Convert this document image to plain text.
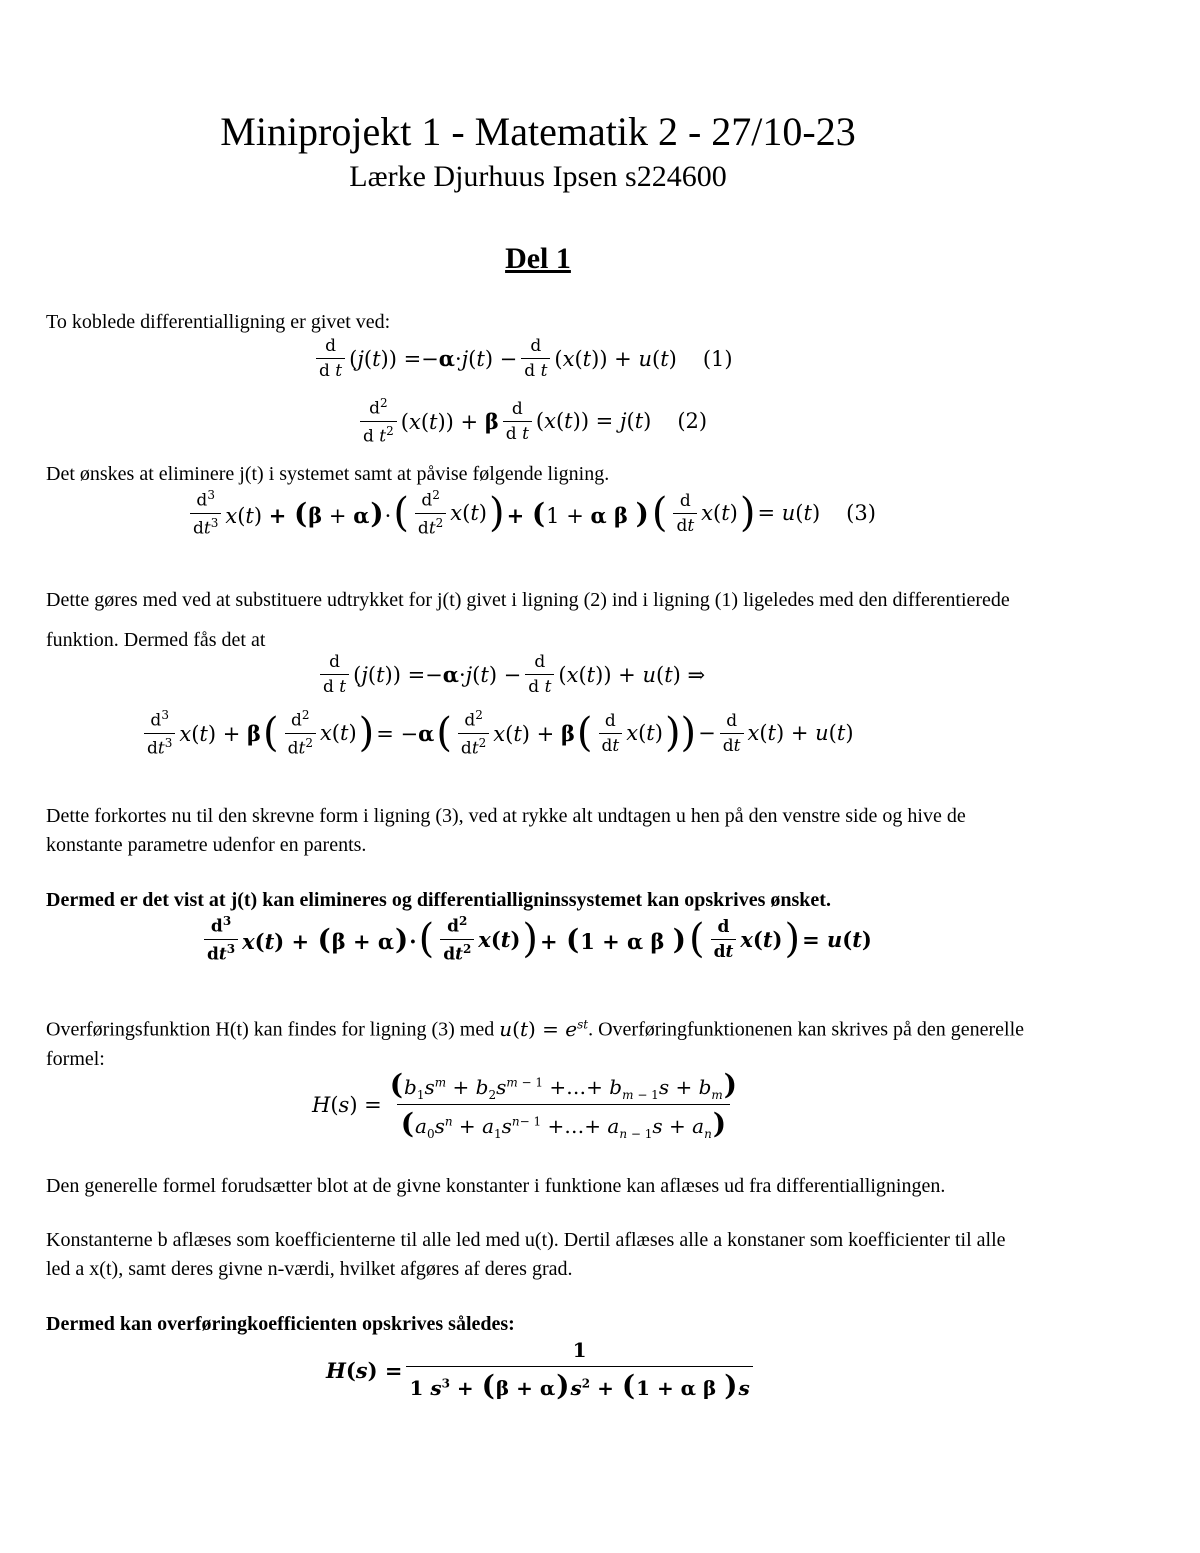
Miniprojekt 1 - Matematik 2 - 27/10-23
Lærke Djurhuus Ipsen s224600
Del 1
To koblede differentialligning er givet ved:
$\frac{d}{\text{d t}} (j(t)) =-\alpha\cdot j(t) - \frac{d}{\text{d t}} (x(t)) + u(t)$ (1)
$\frac{d^2}{d t^2} (x(t)) + \beta \frac{d}{\text{d t}} (x(t)) = j(t)$ (2)
Det ønskes at eliminere j(t) i systemet samt at påvise følgende ligning.
$\frac{d^3}{dt^3} x(t) + (\beta + \alpha)\cdot$ ( $\frac{d^2}{dt^2} x(t)$ ) + (1 + α β ) ( $\frac{d}{dt} x(t)$ ) = u(t) (3)
Dette gøres med ved at substituere udtrykket for j(t) givet i ligning (2) ind i ligning (1) ligeledes med den differentierede funktion. Dermed fås det at
$\frac{d}{\text{d t}} (j(t)) =-\alpha\cdot j(t) - \frac{d}{\text{d t}} (x(t)) + u(t)$ ⇒
$\frac{d^3}{dt^3} x(t) + \beta$ ( $\frac{d^2}{dt^2} x(t)$ ) = −α ( $\frac{d^2}{dt^2} x(t) + \beta$ ( $\frac{d}{dt} x(t)$ )) − $\frac{d}{dt} x(t) + u(t)$
Dette forkortes nu til den skrevne form i ligning (3), ved at rykke alt undtagen u hen på den venstre side og hive de konstante parametre udenfor en parents.
Dermed er det vist at j(t) kan elimineres og differentialligninssystemet kan opskrives ønsket.
$\frac{d^3}{dt^3} x(t) + (\beta + \alpha)\cdot$ ( $\frac{d^2}{dt^2} x(t)$ ) + (1 + α β ) ( $\frac{d}{dt} x(t)$ ) = u(t)
Overføringsfunktion H(t) kan findes for ligning (3) med $u(t) = e^{st}$. Overføringfunktionenen kan skrives på den generelle formel:
$H(s) = \frac{(b_1s^m + b_2s^{m - 1} +\dots+ b_{m - 1}s + b_m)}{(a_0s^n + a_1s^{n- 1} +\dots+ a_{n - 1}s + a_n)}$
Den generelle formel forudsætter blot at de givne konstanter i funktione kan aflæses ud fra differentialligningen.
Konstanterne b aflæses som koefficienterne til alle led med u(t). Dertil aflæses alle a konstaner som koefficienter til alle led a x(t), samt deres givne n-værdi, hvilket afgøres af deres grad.
Dermed kan overføringkoefficienten opskrives således:
$H(s) = \frac{1}{1 s^3 + (\beta + \alpha)s^2 + (1 + \alpha \beta )s}$
